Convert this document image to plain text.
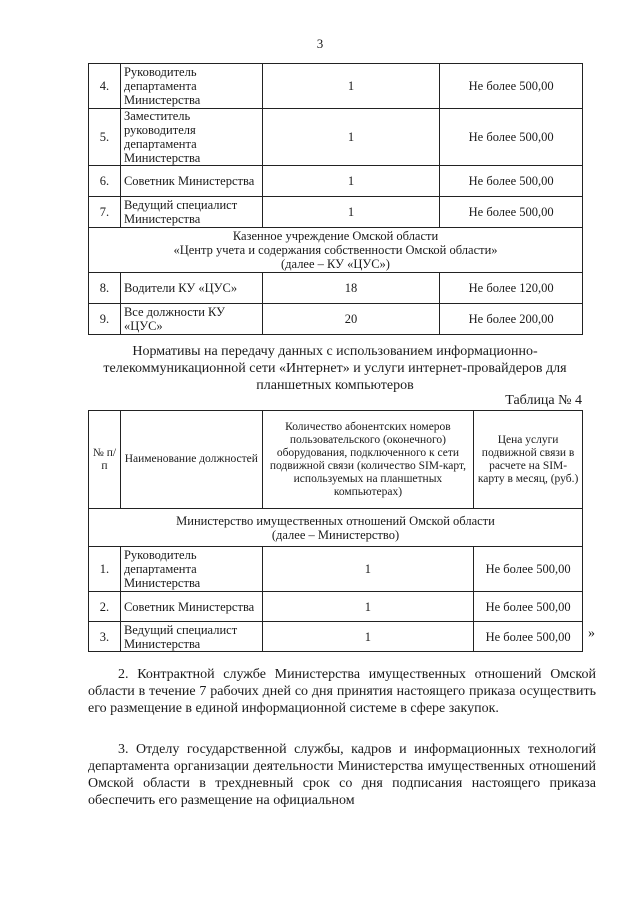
3
4.	Руководитель департамента Министерства	1	Не более 500,00
5.	Заместитель руководителя департамента Министерства	1	Не более 500,00
6.	Советник Министерства	1	Не более 500,00
7.	Ведущий специалист Министерства	1	Не более 500,00

Казенное учреждение Омской области
«Центр учета и содержания собственности Омской области»
(далее – КУ «ЦУС»)			

8.	Водители КУ «ЦУС»	18	Не более 120,00
9.	Все должности КУ «ЦУС»	20	Не более 200,00
Нормативы на передачу данных с использованием информационно-
телекоммуникационной сети «Интернет» и услуги интернет-провайдеров для
планшетных компьютеров
Таблица № 4
№ п/п	Наименование должностей	Количество абонентских номеров пользовательского (оконечного) оборудования, подключенного к сети подвижной связи (количество SIM-карт, используемых на планшетных компьютерах)	Цена услуги подвижной связи в расчете на SIM-карту в месяц, (руб.)

Министерство имущественных отношений Омской области
(далее – Министерство)			

1.	Руководитель департамента Министерства	1	Не более 500,00
2.	Советник Министерства	1	Не более 500,00
3.	Ведущий специалист Министерства	1	Не более 500,00 »
2. Контрактной службе Министерства имущественных отношений Омской области в течение 7 рабочих дней со дня принятия настоящего приказа осуществить его размещение в единой информационной системе в сфере закупок.
3. Отделу государственной службы, кадров и информационных технологий департамента организации деятельности Министерства имущественных отношений Омской области в трехдневный срок со дня подписания настоящего приказа обеспечить его размещение на официальном
